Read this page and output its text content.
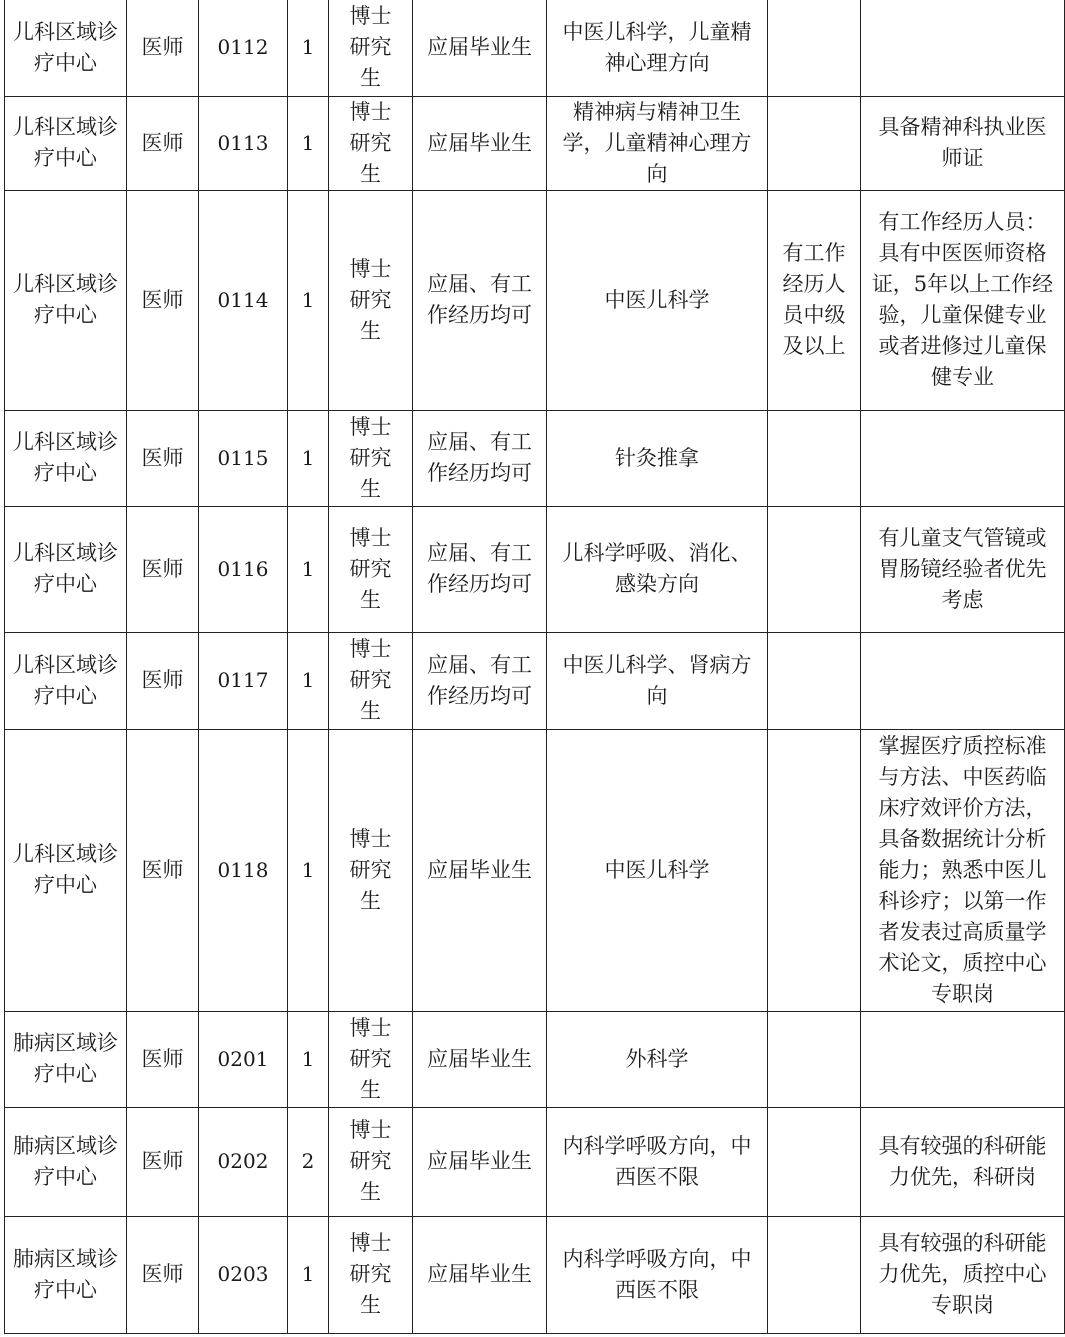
儿科区域诊疗中心	医师	0112	1	博士研究生	应届毕业生	中医儿科学，儿童精神心理方向		
儿科区域诊疗中心	医师	0113	1	博士研究生	应届毕业生	精神病与精神卫生学，儿童精神心理方向		具备精神科执业医师证
儿科区域诊疗中心	医师	0114	1	博士研究生	应届、有工作经历均可	中医儿科学	有工作经历人员中级及以上	有工作经历人员：具有中医医师资格证，5年以上工作经验，儿童保健专业或者进修过儿童保健专业
儿科区域诊疗中心	医师	0115	1	博士研究生	应届、有工作经历均可	针灸推拿		
儿科区域诊疗中心	医师	0116	1	博士研究生	应届、有工作经历均可	儿科学呼吸、消化、感染方向		有儿童支气管镜或胃肠镜经验者优先考虑
儿科区域诊疗中心	医师	0117	1	博士研究生	应届、有工作经历均可	中医儿科学、肾病方向		
儿科区域诊疗中心	医师	0118	1	博士研究生	应届毕业生	中医儿科学		掌握医疗质控标准与方法、中医药临床疗效评价方法，具备数据统计分析能力；熟悉中医儿科诊疗；以第一作者发表过高质量学术论文，质控中心专职岗
肺病区域诊疗中心	医师	0201	1	博士研究生	应届毕业生	外科学		
肺病区域诊疗中心	医师	0202	2	博士研究生	应届毕业生	内科学呼吸方向，中西医不限		具有较强的科研能力优先，科研岗
肺病区域诊疗中心	医师	0203	1	博士研究生	应届毕业生	内科学呼吸方向，中西医不限		具有较强的科研能力优先，质控中心专职岗
